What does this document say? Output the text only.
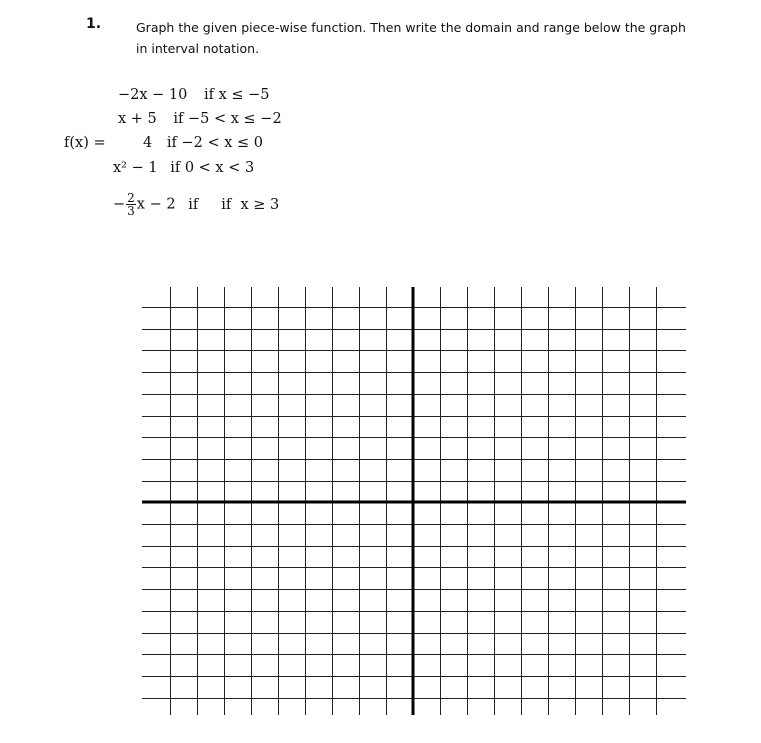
1.	Graph the given piece-wise function. Then write the domain and range below the graph in interval notation.
f(x) =
−2x − 10 if x ≤ −5
x + 5 if −5 < x ≤ −2
4 if −2 < x ≤ 0
x² − 1 if 0 < x < 3
− $\frac{2}{3}$ x − 2 if     if  x ≥ 3
